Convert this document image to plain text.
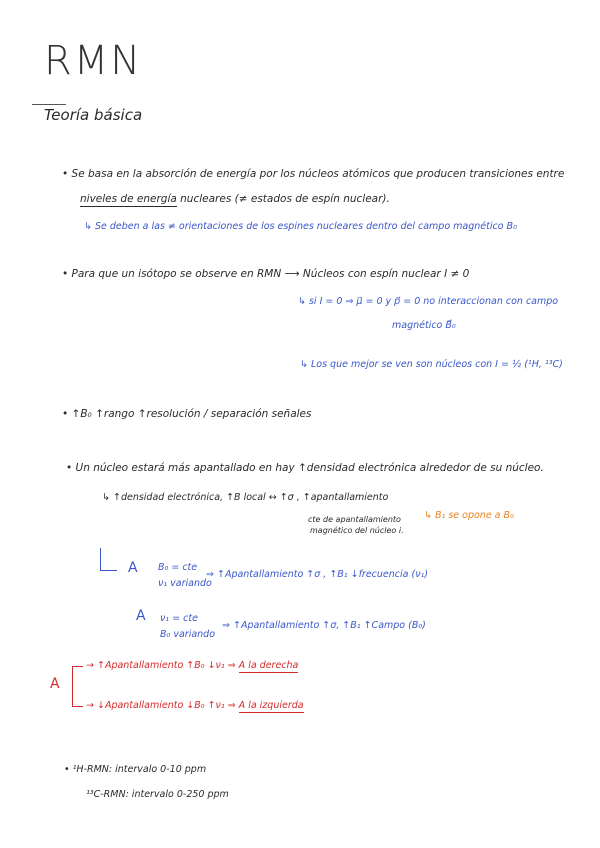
RMN
Teoría básica
• Se basa en la absorción de energía por los núcleos atómicos que producen transiciones entre
niveles de energía nucleares (≠ estados de espín nuclear).
↳ Se deben a las ≠ orientaciones de los espines nucleares dentro del campo magnético B₀
• Para que un isótopo se observe en RMN ⟶ Núcleos con espín nuclear I ≠ 0
↳ si I = 0 ⇒ μ⃗ = 0 y p⃗ = 0 no interaccionan con campo
magnético B⃗₀
↳ Los que mejor se ven son núcleos con I = ½ (¹H, ¹³C)
• ↑B₀ ↑rango ↑resolución / separación señales
• Un núcleo estará más apantallado en hay ↑densidad electrónica alrededor de su núcleo.
↳ ↑densidad electrónica, ↑B local ↔ ↑σ , ↑apantallamiento
cte de apantallamiento
magnético del núcleo i.
↳ B₁ se opone a B₀
A B₀ = cte
ν₁ variando
⇒ ↑Apantallamiento ↑σ , ↑B₁ ↓frecuencia (ν₁)
A ν₁ = cte
B₀ variando
⇒ ↑Apantallamiento ↑σ, ↑B₁ ↑Campo (B₀)
A
→ ↑Apantallamiento ↑B₀ ↓ν₁ ⇒ A la derecha
→ ↓Apantallamiento ↓B₀ ↑ν₁ ⇒ A la izquierda
• ¹H-RMN: intervalo 0-10 ppm
¹³C-RMN: intervalo 0-250 ppm
